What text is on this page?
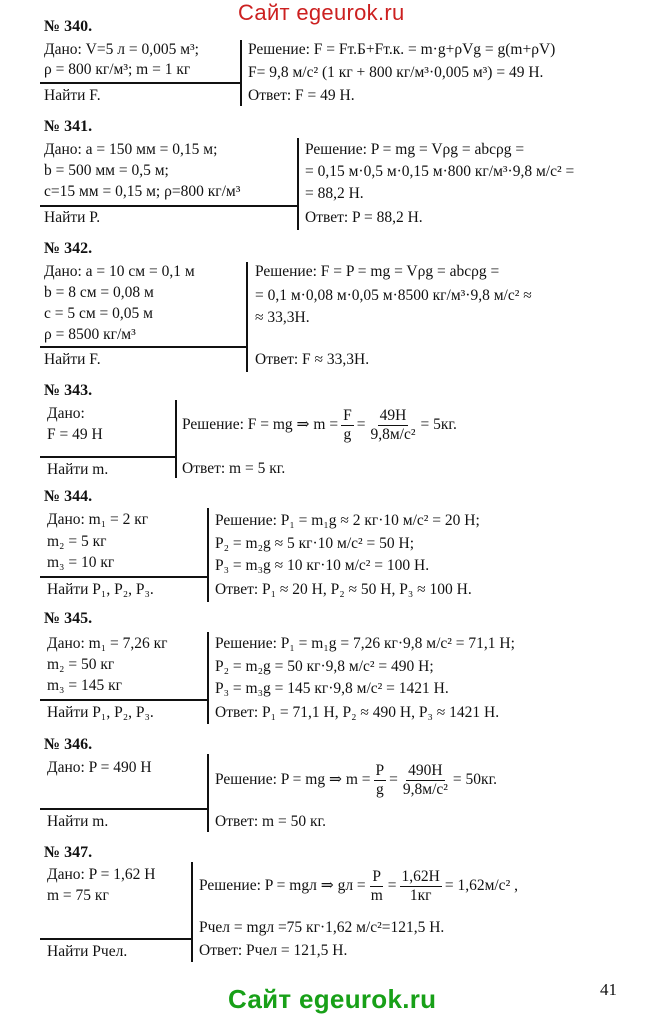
Сайт egeurok.ru
Сайт egeurok.ru	41
№ 340.
Дано: V=5 л = 0,005 м³;
ρ = 800 кг/м³; m = 1 кг
Найти F.
Решение: F = Fт.Б+Fт.к. = m·g+ρVg = g(m+ρV)
F= 9,8 м/с² (1 кг + 800 кг/м³·0,005 м³) = 49 Н.
Ответ: F = 49 Н.
№ 341.
Дано: a = 150 мм = 0,15 м;
b = 500 мм = 0,5 м;
c=15 мм = 0,15 м; ρ=800 кг/м³
Найти P.
Решение: P = mg = Vρg = abcρg =
= 0,15 м·0,5 м·0,15 м·800 кг/м³·9,8 м/с² =
= 88,2 Н.
Ответ: P = 88,2 Н.
№ 342.
Дано: a = 10 см = 0,1 м
b = 8 см = 0,08 м
c = 5 см = 0,05 м
ρ = 8500 кг/м³
Найти F.
Решение: F = P = mg = Vρg = abcρg =
= 0,1 м·0,08 м·0,05 м·8500 кг/м³·9,8 м/с² ≈
≈ 33,3Н.
Ответ: F ≈ 33,3Н.
№ 343.
Дано:
F = 49 Н
Найти m.
Решение: F = mg ⇒ $m = \frac{F}{g} = \frac{49Н}{\text{9,8м/с²}} = 5кг$.
Ответ: m = 5 кг.
№ 344.
Дано: m₁ = 2 кг
m₂ = 5 кг
m₃ = 10 кг
Найти P₁, P₂, P₃.
Решение: P₁ = m₁g ≈ 2 кг·10 м/с² = 20 Н;
P₂ = m₂g ≈ 5 кг·10 м/с² = 50 Н;
P₃ = m₃g ≈ 10 кг·10 м/с² = 100 Н.
Ответ: P₁ ≈ 20 Н, P₂ ≈ 50 Н, P₃ ≈ 100 Н.
№ 345.
Дано: m₁ = 7,26 кг
m₂ = 50 кг
m₃ = 145 кг
Найти P₁, P₂, P₃.
Решение: P₁ = m₁g = 7,26 кг·9,8 м/с² = 71,1 Н;
P₂ = m₂g = 50 кг·9,8 м/с² = 490 Н;
P₃ = m₃g = 145 кг·9,8 м/с² = 1421 Н.
Ответ: P₁ = 71,1 Н, P₂ ≈ 490 Н, P₃ ≈ 1421 Н.
№ 346.
Дано: P = 490 Н
Найти m.
Решение: P = mg ⇒ $m = \frac{P}{g} = \frac{490Н}{\text{9,8м/с²}} = 50кг$.
Ответ: m = 50 кг.
№ 347.
Дано: P = 1,62 Н
m = 75 кг
Найти Pчел.
Решение: P = mgл ⇒ gл = $\frac{P}{m} = \frac{1,62Н}{1кг} = 1,62м/с^2$ ,
Pчел = mgл =75 кг·1,62 м/с²=121,5 Н.
Ответ: Pчел = 121,5 Н.
